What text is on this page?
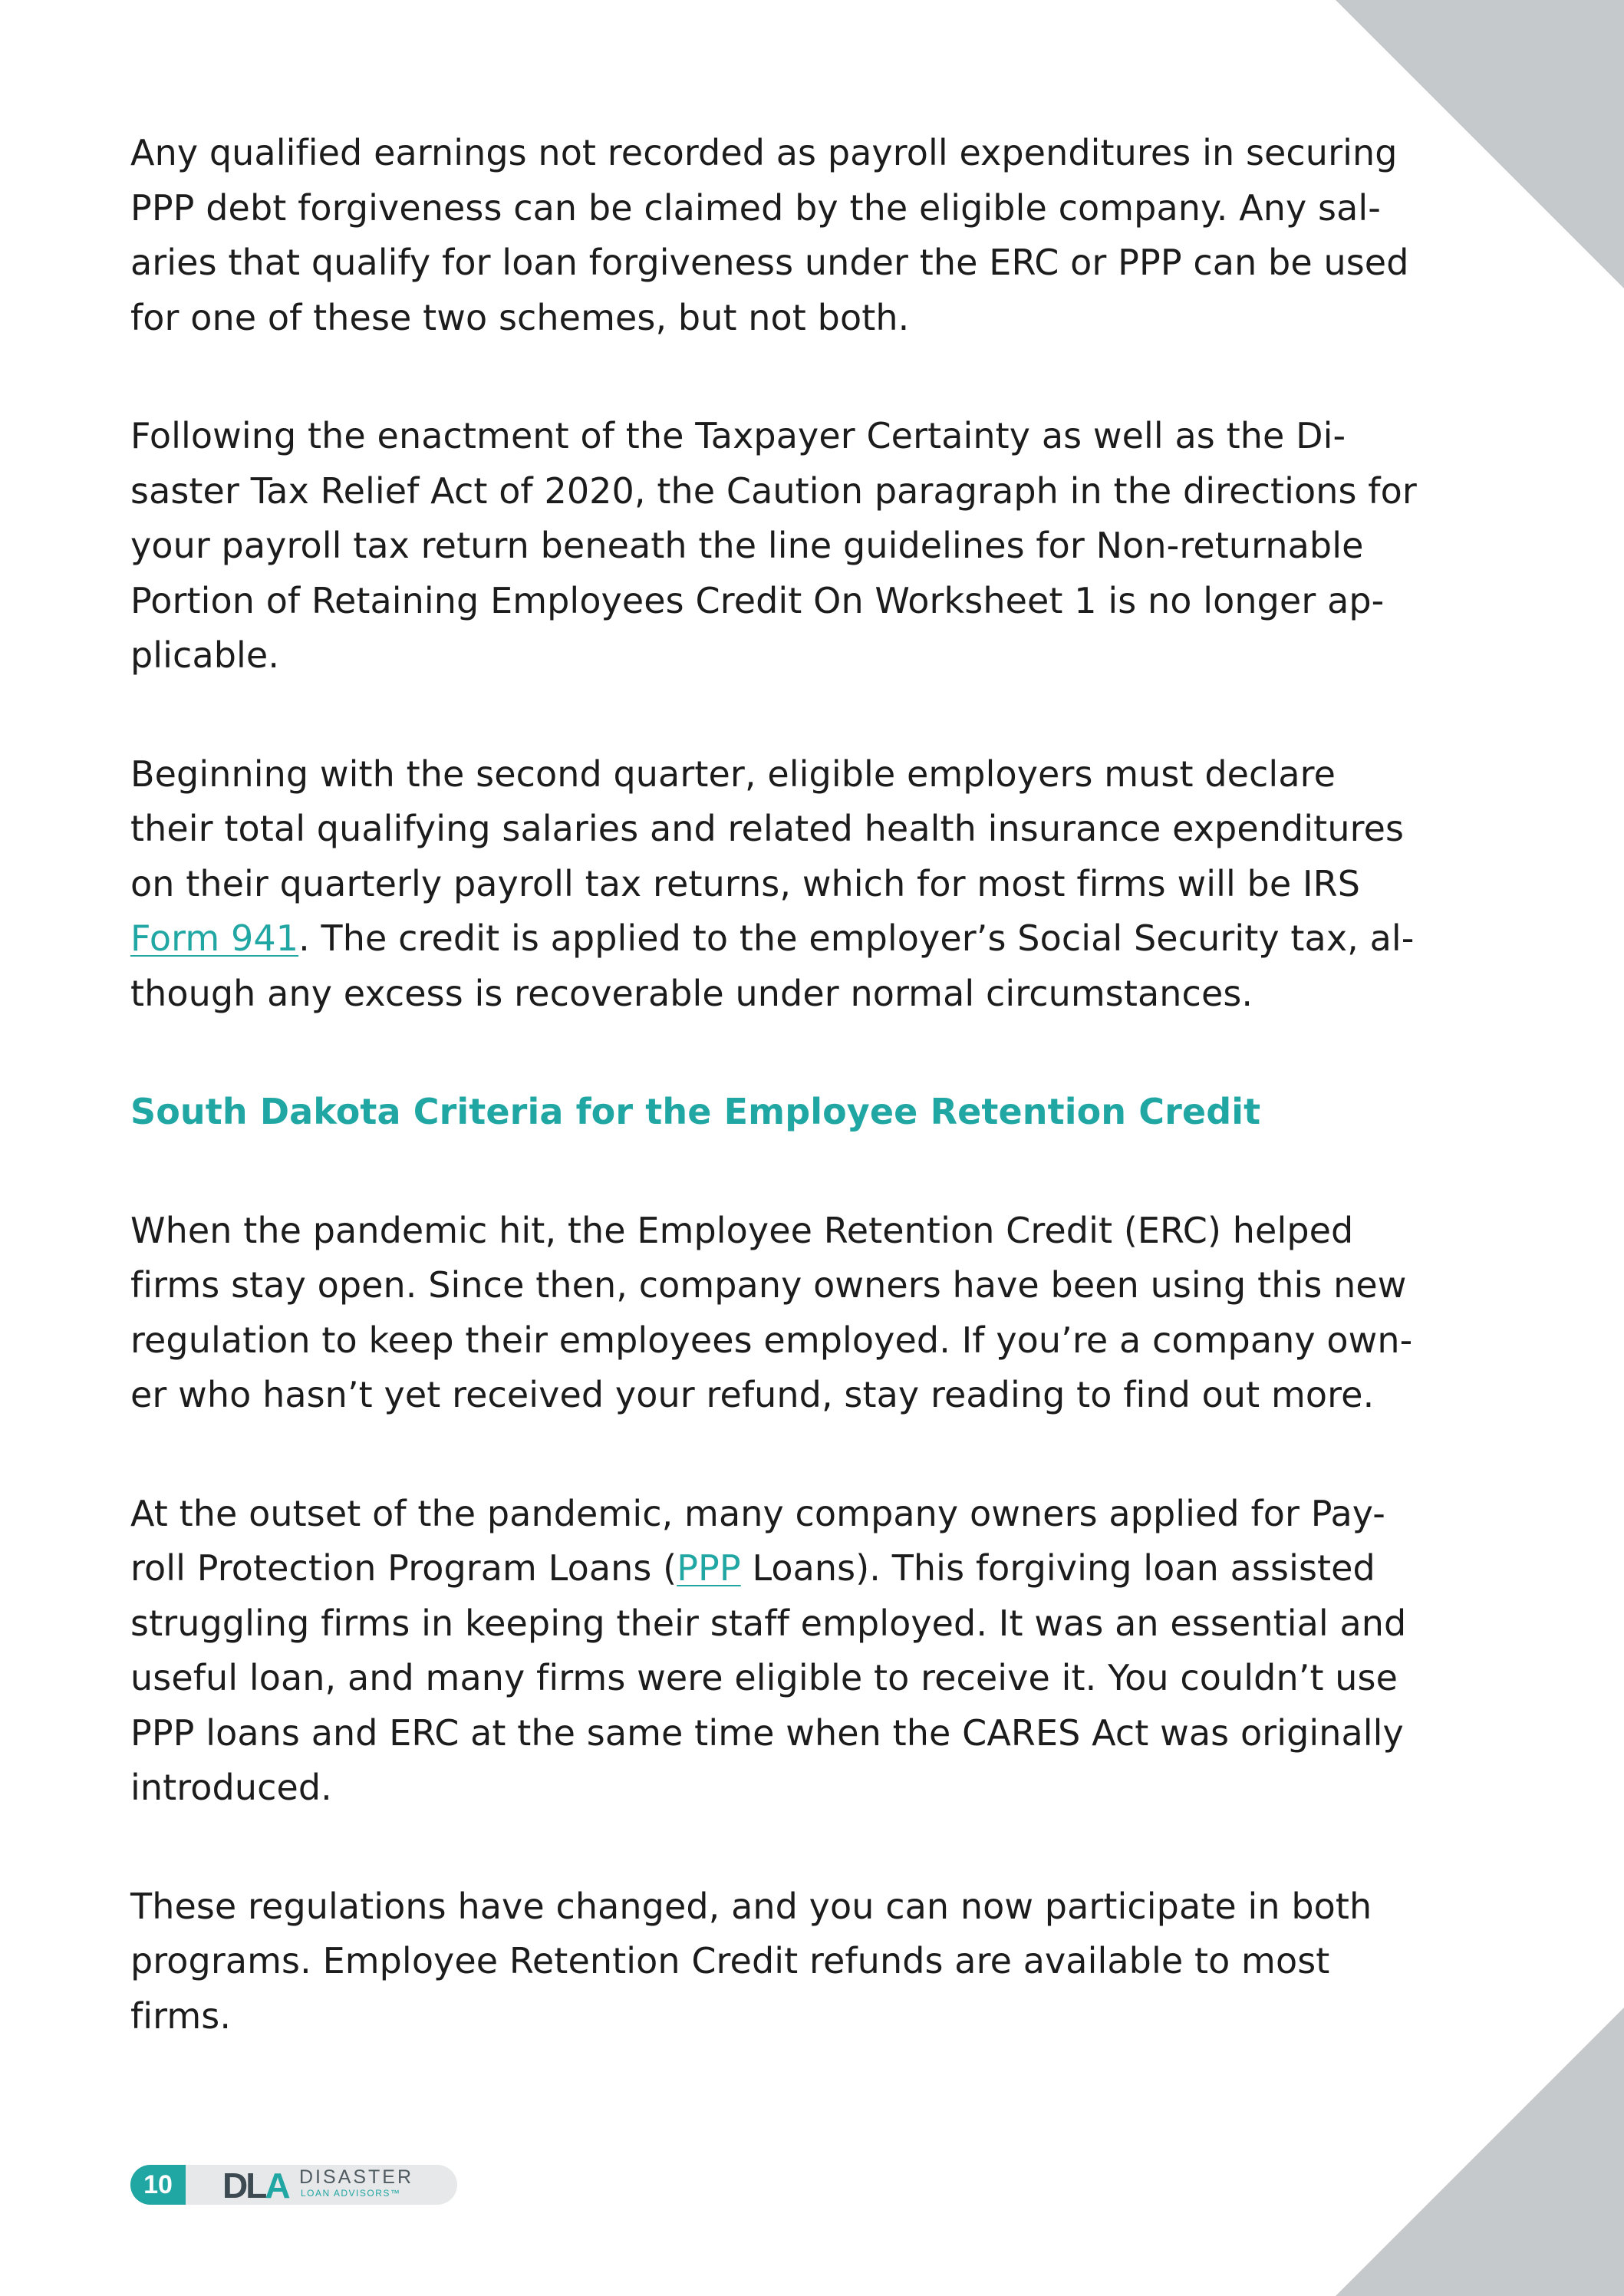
Any qualified earnings not recorded as payroll expenditures in securing
PPP debt forgiveness can be claimed by the eligible company. Any sal-
aries that qualify for loan forgiveness under the ERC or PPP can be used
for one of these two schemes, but not both.

Following the enactment of the Taxpayer Certainty as well as the Di-
saster Tax Relief Act of 2020, the Caution paragraph in the directions for
your payroll tax return beneath the line guidelines for Non-returnable
Portion of Retaining Employees Credit On Worksheet 1 is no longer ap-
plicable.

Beginning with the second quarter, eligible employers must declare
their total qualifying salaries and related health insurance expenditures
on their quarterly payroll tax returns, which for most firms will be IRS
Form 941. The credit is applied to the employer’s Social Security tax, al-
though any excess is recoverable under normal circumstances.

South Dakota Criteria for the Employee Retention Credit

When the pandemic hit, the Employee Retention Credit (ERC) helped
firms stay open. Since then, company owners have been using this new
regulation to keep their employees employed. If you’re a company own-
er who hasn’t yet received your refund, stay reading to find out more.

At the outset of the pandemic, many company owners applied for Pay-
roll Protection Program Loans (PPP Loans). This forgiving loan assisted
struggling firms in keeping their staff employed. It was an essential and
useful loan, and many firms were eligible to receive it. You couldn’t use
PPP loans and ERC at the same time when the CARES Act was originally
introduced.

These regulations have changed, and you can now participate in both
programs. Employee Retention Credit refunds are available to most
firms.

10	DLA DISASTER
LOAN ADVISORS™
